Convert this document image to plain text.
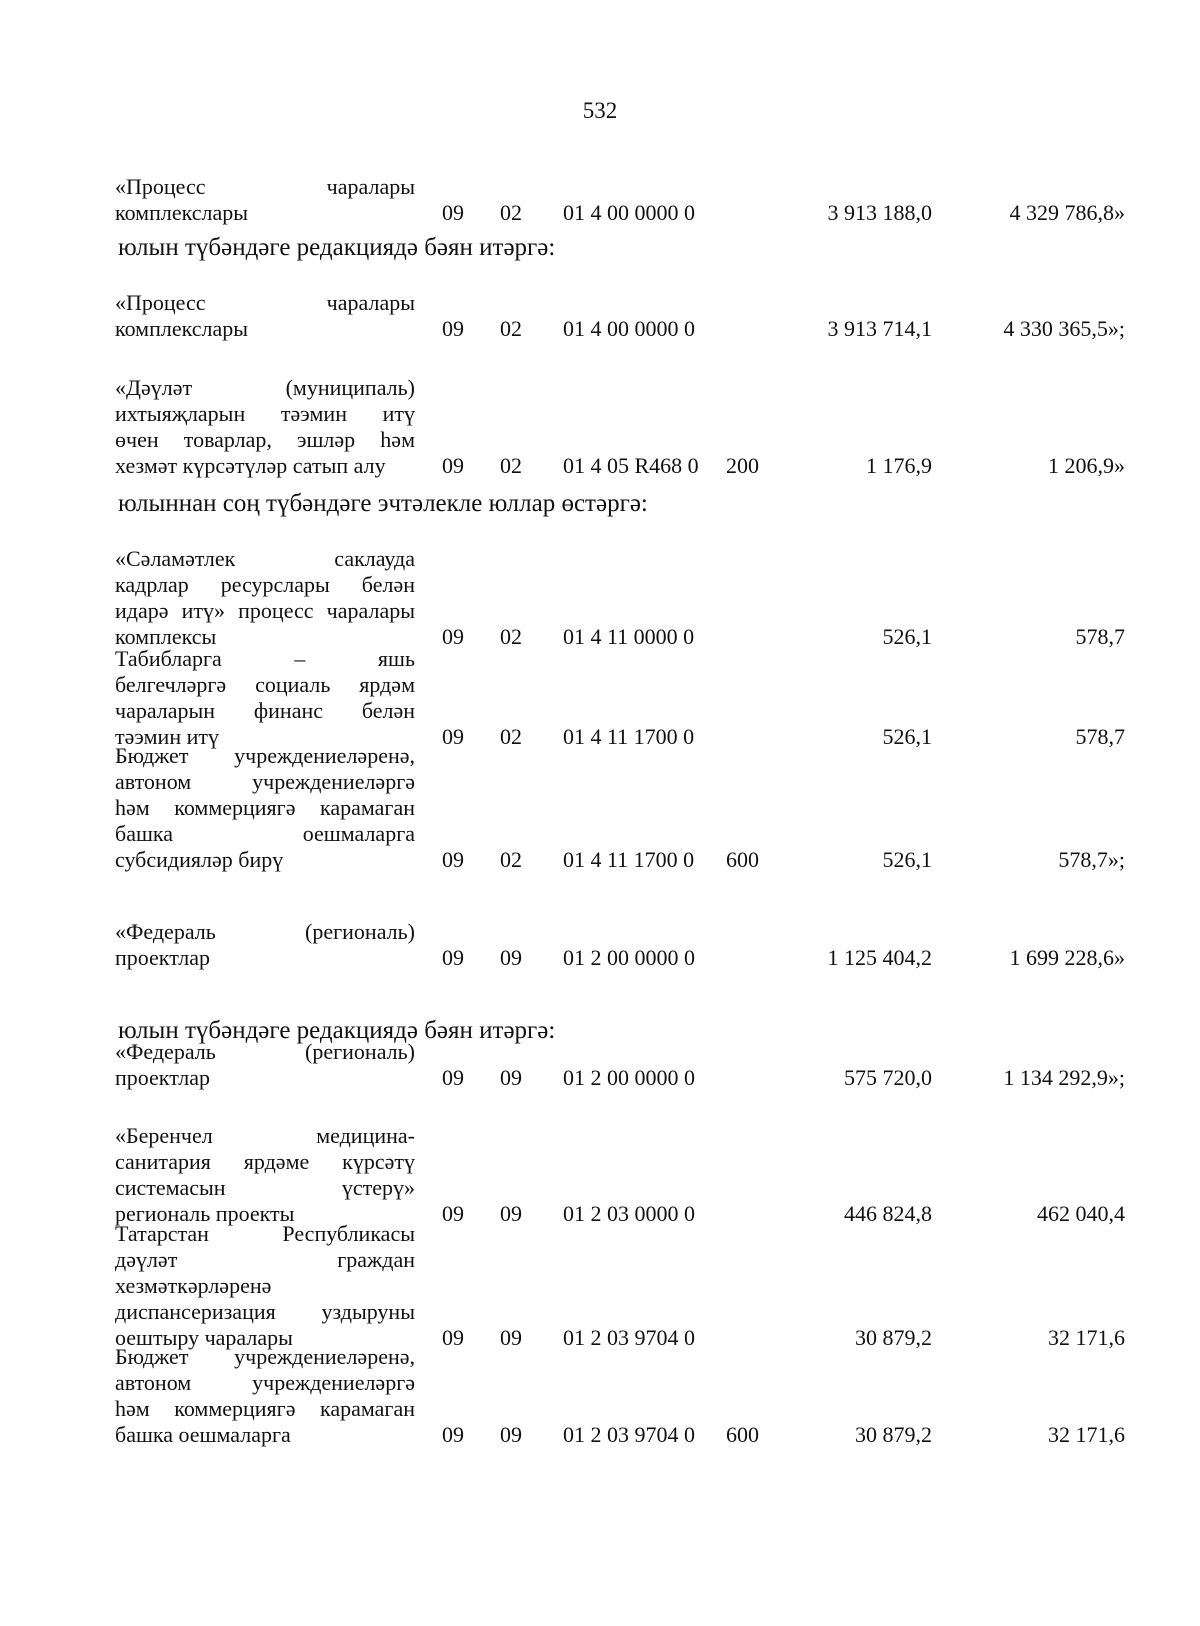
532
«Процесс чаралары
комплекслары	09 02 01 4 00 0000 0	3 913 188,0	4 329 786,8»
юлын түбәндәге редакциядә бәян итәргә:
«Процесс чаралары
комплекслары	09 02 01 4 00 0000 0	3 913 714,1	4 330 365,5»;
«Дәүләт (муниципаль)
ихтыяҗларын тәэмин итү
өчен товарлар, эшләр һәм
хезмәт күрсәтүләр сатып алу	09 02 01 4 05 R468 0 200	1 176,9	1 206,9»
юлыннан соң түбәндәге эчтәлекле юллар өстәргә:
«Сәламәтлек саклауда
кадрлар ресурслары белән
идарә итү» процесс чаралары
комплексы	09 02 01 4 11 0000 0	526,1	578,7
Табибларга – яшь
белгечләргә социаль ярдәм
чараларын финанс белән
тәэмин итү	09 02 01 4 11 1700 0	526,1	578,7
Бюджет учреждениеләренә,
автоном учреждениеләргә
һәм коммерциягә карамаган
башка оешмаларга
субсидияләр бирү	09 02 01 4 11 1700 0 600	526,1	578,7»;
«Федераль (региональ)
проектлар	09 09 01 2 00 0000 0	1 125 404,2	1 699 228,6»
юлын түбәндәге редакциядә бәян итәргә:
«Федераль (региональ)
проектлар	09 09 01 2 00 0000 0	575 720,0	1 134 292,9»;
«Беренчел медицина-
санитария ярдәме күрсәтү
системасын үстерү»
региональ проекты	09 09 01 2 03 0000 0	446 824,8	462 040,4
Татарстан Республикасы
дәүләт граждан
хезмәткәрләренә
диспансеризация уздыруны
оештыру чаралары	09 09 01 2 03 9704 0	30 879,2	32 171,6
Бюджет учреждениеләренә,
автоном учреждениеләргә
һәм коммерциягә карамаган
башка оешмаларга	09 09 01 2 03 9704 0 600	30 879,2	32 171,6
